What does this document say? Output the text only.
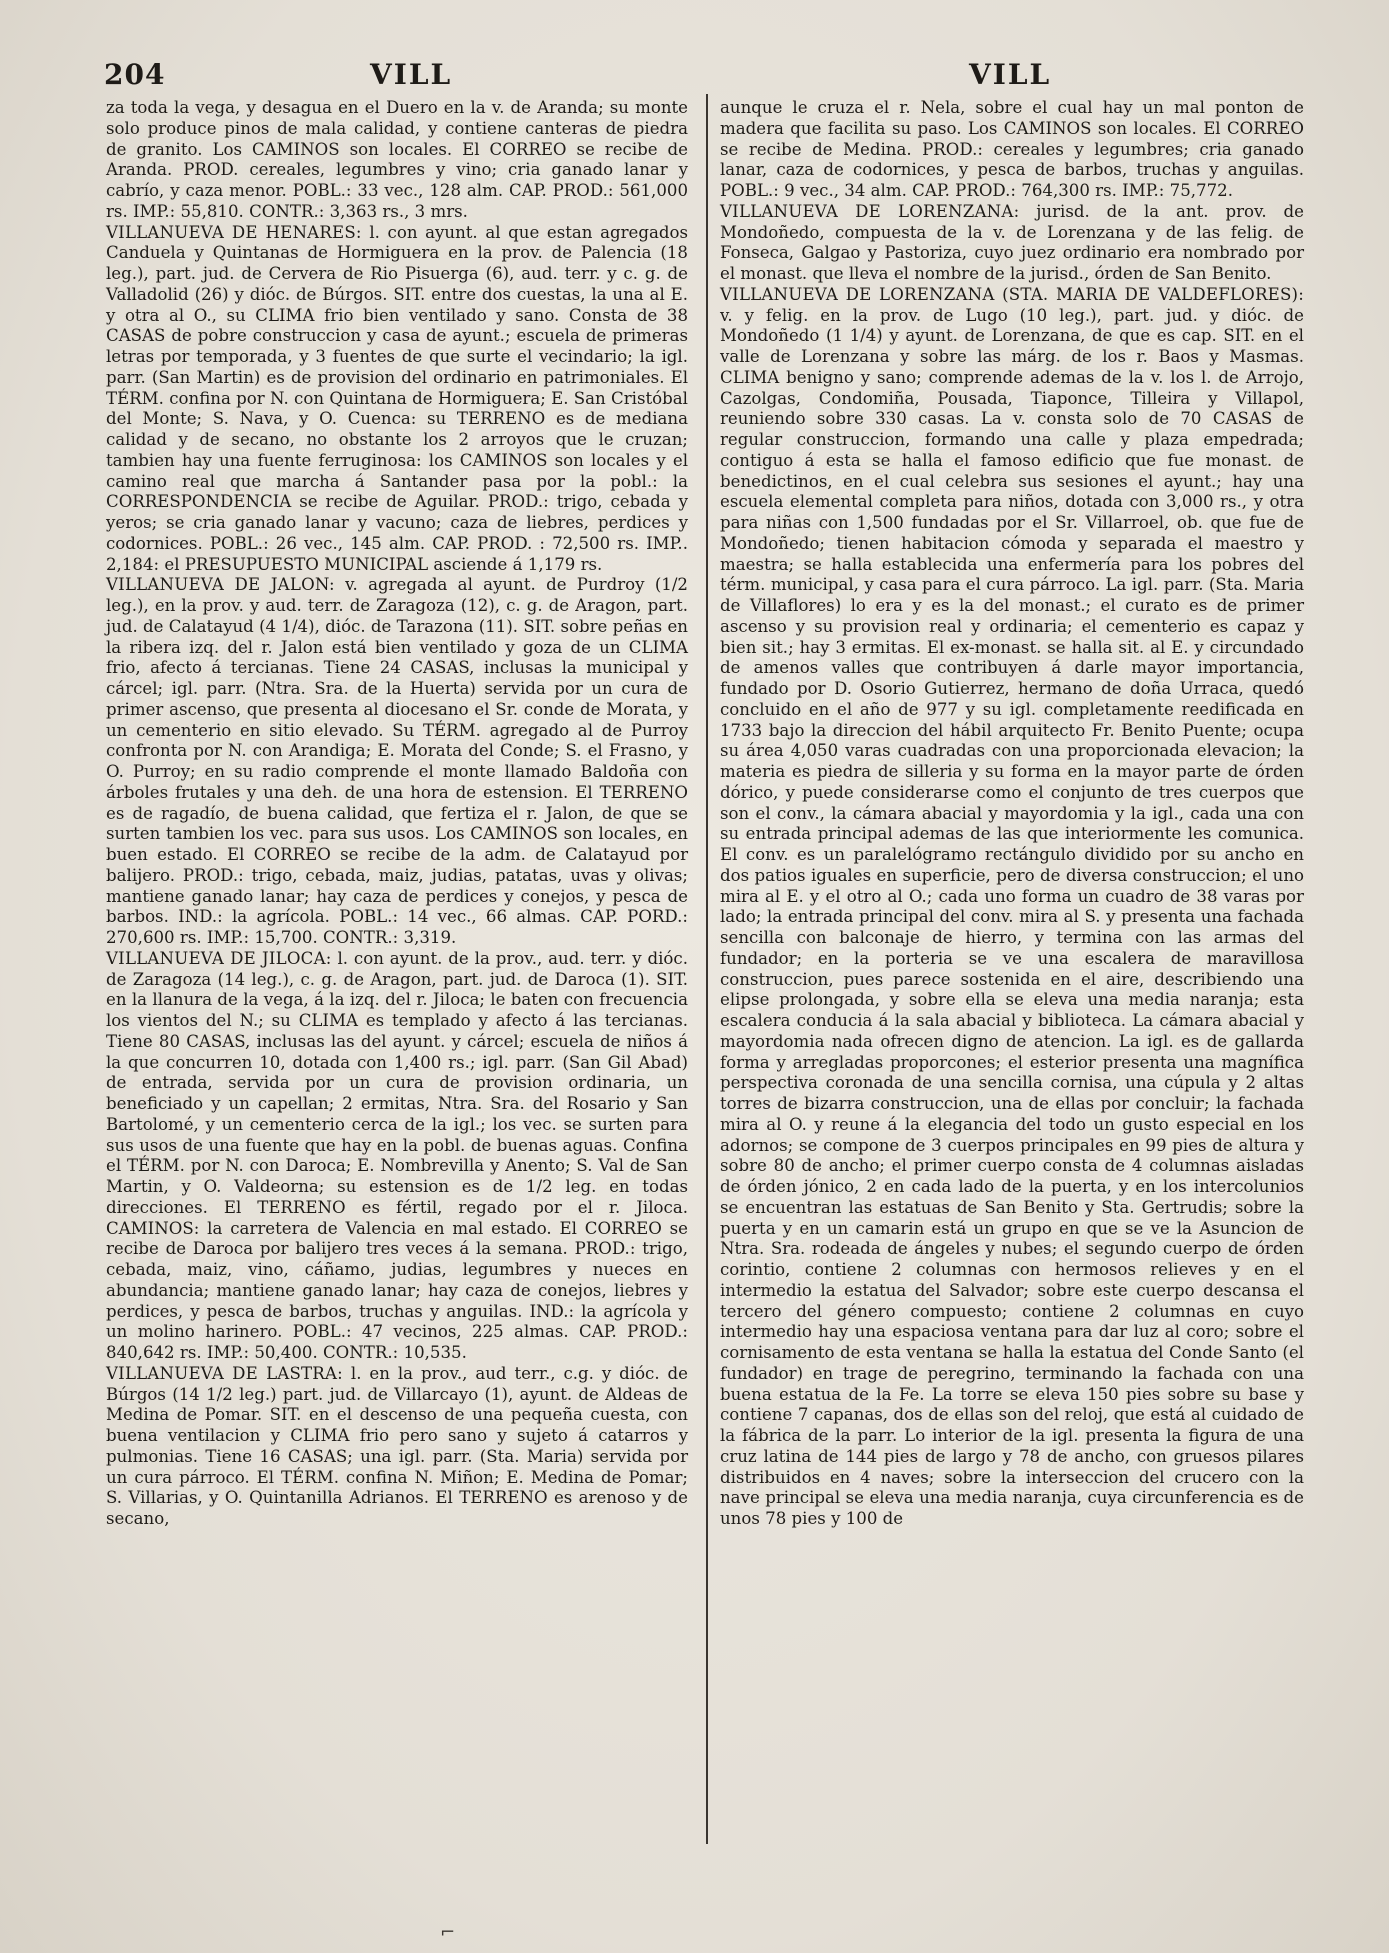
204	VILL	VILL

za toda la vega, y desagua en el Duero en la v. de Aranda; su monte solo produce pinos de mala calidad, y contiene canteras de piedra de granito. Los CAMINOS son locales. El CORREO se recibe de Aranda. PROD. cereales, legumbres y vino; cria ganado lanar y cabrío, y caza menor. POBL.: 33 vec., 128 alm. CAP. PROD.: 561,000 rs. IMP.: 55,810. CONTR.: 3,363 rs., 3 mrs.

VILLANUEVA DE HENARES: l. con ayunt. al que estan agregados Canduela y Quintanas de Hormiguera en la prov. de Palencia (18 leg.), part. jud. de Cervera de Rio Pisuerga (6), aud. terr. y c. g. de Valladolid (26) y dióc. de Búrgos. SIT. entre dos cuestas, la una al E. y otra al O., su CLIMA frio bien ventilado y sano. Consta de 38 CASAS de pobre construccion y casa de ayunt.; escuela de primeras letras por temporada, y 3 fuentes de que surte el vecindario; la igl. parr. (San Martin) es de provision del ordinario en patrimoniales. El TÉRM. confina por N. con Quintana de Hormiguera; E. San Cristóbal del Monte; S. Nava, y O. Cuenca: su TERRENO es de mediana calidad y de secano, no obstante los 2 arroyos que le cruzan; tambien hay una fuente ferruginosa: los CAMINOS son locales y el camino real que marcha á Santander pasa por la pobl.: la CORRESPONDENCIA se recibe de Aguilar. PROD.: trigo, cebada y yeros; se cria ganado lanar y vacuno; caza de liebres, perdices y codornices. POBL.: 26 vec., 145 alm. CAP. PROD. : 72,500 rs. IMP.. 2,184: el PRESUPUESTO MUNICIPAL asciende á 1,179 rs.

VILLANUEVA DE JALON: v. agregada al ayunt. de Purdroy (1/2 leg.), en la prov. y aud. terr. de Zaragoza (12), c. g. de Aragon, part. jud. de Calatayud (4 1/4), dióc. de Tarazona (11). SIT. sobre peñas en la ribera izq. del r. Jalon está bien ventilado y goza de un CLIMA frio, afecto á tercianas. Tiene 24 CASAS, inclusas la municipal y cárcel; igl. parr. (Ntra. Sra. de la Huerta) servida por un cura de primer ascenso, que presenta al diocesano el Sr. conde de Morata, y un cementerio en sitio elevado. Su TÉRM. agregado al de Purroy confronta por N. con Arandiga; E. Morata del Conde; S. el Frasno, y O. Purroy; en su radio comprende el monte llamado Baldoña con árboles frutales y una deh. de una hora de estension. El TERRENO es de ragadío, de buena calidad, que fertiza el r. Jalon, de que se surten tambien los vec. para sus usos. Los CAMINOS son locales, en buen estado. El CORREO se recibe de la adm. de Calatayud por balijero. PROD.: trigo, cebada, maiz, judias, patatas, uvas y olivas; mantiene ganado lanar; hay caza de perdices y conejos, y pesca de barbos. IND.: la agrícola. POBL.: 14 vec., 66 almas. CAP. PORD.: 270,600 rs. IMP.: 15,700. CONTR.: 3,319.

VILLANUEVA DE JILOCA: l. con ayunt. de la prov., aud. terr. y dióc. de Zaragoza (14 leg.), c. g. de Aragon, part. jud. de Daroca (1). SIT. en la llanura de la vega, á la izq. del r. Jiloca; le baten con frecuencia los vientos del N.; su CLIMA es templado y afecto á las tercianas. Tiene 80 CASAS, inclusas las del ayunt. y cárcel; escuela de niños á la que concurren 10, dotada con 1,400 rs.; igl. parr. (San Gil Abad) de entrada, servida por un cura de provision ordinaria, un beneficiado y un capellan; 2 ermitas, Ntra. Sra. del Rosario y San Bartolomé, y un cementerio cerca de la igl.; los vec. se surten para sus usos de una fuente que hay en la pobl. de buenas aguas. Confina el TÉRM. por N. con Daroca; E. Nombrevilla y Anento; S. Val de San Martin, y O. Valdeorna; su estension es de 1/2 leg. en todas direcciones. El TERRENO es fértil, regado por el r. Jiloca. CAMINOS: la carretera de Valencia en mal estado. El CORREO se recibe de Daroca por balijero tres veces á la semana. PROD.: trigo, cebada, maiz, vino, cáñamo, judias, legumbres y nueces en abundancia; mantiene ganado lanar; hay caza de conejos, liebres y perdices, y pesca de barbos, truchas y anguilas. IND.: la agrícola y un molino harinero. POBL.: 47 vecinos, 225 almas. CAP. PROD.: 840,642 rs. IMP.: 50,400. CONTR.: 10,535.

VILLANUEVA DE LASTRA: l. en la prov., aud terr., c.g. y dióc. de Búrgos (14 1/2 leg.) part. jud. de Villarcayo (1), ayunt. de Aldeas de Medina de Pomar. SIT. en el descenso de una pequeña cuesta, con buena ventilacion y CLIMA frio pero sano y sujeto á catarros y pulmonias. Tiene 16 CASAS; una igl. parr. (Sta. Maria) servida por un cura párroco. El TÉRM. confina N. Miñon; E. Medina de Pomar; S. Villarias, y O. Quintanilla Adrianos. El TERRENO es arenoso y de secano,

aunque le cruza el r. Nela, sobre el cual hay un mal ponton de madera que facilita su paso. Los CAMINOS son locales. El CORREO se recibe de Medina. PROD.: cereales y legumbres; cria ganado lanar, caza de codornices, y pesca de barbos, truchas y anguilas. POBL.: 9 vec., 34 alm. CAP. PROD.: 764,300 rs. IMP.: 75,772.

VILLANUEVA DE LORENZANA: jurisd. de la ant. prov. de Mondoñedo, compuesta de la v. de Lorenzana y de las felig. de Fonseca, Galgao y Pastoriza, cuyo juez ordinario era nombrado por el monast. que lleva el nombre de la jurisd., órden de San Benito.

VILLANUEVA DE LORENZANA (STA. MARIA DE VALDEFLORES): v. y felig. en la prov. de Lugo (10 leg.), part. jud. y dióc. de Mondoñedo (1 1/4) y ayunt. de Lorenzana, de que es cap. SIT. en el valle de Lorenzana y sobre las márg. de los r. Baos y Masmas. CLIMA benigno y sano; comprende ademas de la v. los l. de Arrojo, Cazolgas, Condomiña, Pousada, Tiaponce, Tilleira y Villapol, reuniendo sobre 330 casas. La v. consta solo de 70 CASAS de regular construccion, formando una calle y plaza empedrada; contiguo á esta se halla el famoso edificio que fue monast. de benedictinos, en el cual celebra sus sesiones el ayunt.; hay una escuela elemental completa para niños, dotada con 3,000 rs., y otra para niñas con 1,500 fundadas por el Sr. Villarroel, ob. que fue de Mondoñedo; tienen habitacion cómoda y separada el maestro y maestra; se halla establecida una enfermería para los pobres del térm. municipal, y casa para el cura párroco. La igl. parr. (Sta. Maria de Villaflores) lo era y es la del monast.; el curato es de primer ascenso y su provision real y ordinaria; el cementerio es capaz y bien sit.; hay 3 ermitas. El ex-monast. se halla sit. al E. y circundado de amenos valles que contribuyen á darle mayor importancia, fundado por D. Osorio Gutierrez, hermano de doña Urraca, quedó concluido en el año de 977 y su igl. completamente reedificada en 1733 bajo la direccion del hábil arquitecto Fr. Benito Puente; ocupa su área 4,050 varas cuadradas con una proporcionada elevacion; la materia es piedra de silleria y su forma en la mayor parte de órden dórico, y puede considerarse como el conjunto de tres cuerpos que son el conv., la cámara abacial y mayordomia y la igl., cada una con su entrada principal ademas de las que interiormente les comunica. El conv. es un paralelógramo rectángulo dividido por su ancho en dos patios iguales en superficie, pero de diversa construccion; el uno mira al E. y el otro al O.; cada uno forma un cuadro de 38 varas por lado; la entrada principal del conv. mira al S. y presenta una fachada sencilla con balconaje de hierro, y termina con las armas del fundador; en la porteria se ve una escalera de maravillosa construccion, pues parece sostenida en el aire, describiendo una elipse prolongada, y sobre ella se eleva una media naranja; esta escalera conducia á la sala abacial y biblioteca. La cámara abacial y mayordomia nada ofrecen digno de atencion. La igl. es de gallarda forma y arregladas proporcones; el esterior presenta una magnífica perspectiva coronada de una sencilla cornisa, una cúpula y 2 altas torres de bizarra construccion, una de ellas por concluir; la fachada mira al O. y reune á la elegancia del todo un gusto especial en los adornos; se compone de 3 cuerpos principales en 99 pies de altura y sobre 80 de ancho; el primer cuerpo consta de 4 columnas aisladas de órden jónico, 2 en cada lado de la puerta, y en los intercolunios se encuentran las estatuas de San Benito y Sta. Gertrudis; sobre la puerta y en un camarin está un grupo en que se ve la Asuncion de Ntra. Sra. rodeada de ángeles y nubes; el segundo cuerpo de órden corintio, contiene 2 columnas con hermosos relieves y en el intermedio la estatua del Salvador; sobre este cuerpo descansa el tercero del género compuesto; contiene 2 columnas en cuyo intermedio hay una espaciosa ventana para dar luz al coro; sobre el cornisamento de esta ventana se halla la estatua del Conde Santo (el fundador) en trage de peregrino, terminando la fachada con una buena estatua de la Fe. La torre se eleva 150 pies sobre su base y contiene 7 capanas, dos de ellas son del reloj, que está al cuidado de la fábrica de la parr. Lo interior de la igl. presenta la figura de una cruz latina de 144 pies de largo y 78 de ancho, con gruesos pilares distribuidos en 4 naves; sobre la interseccion del crucero con la nave principal se eleva una media naranja, cuya circunferencia es de unos 78 pies y 100 de

⌐
